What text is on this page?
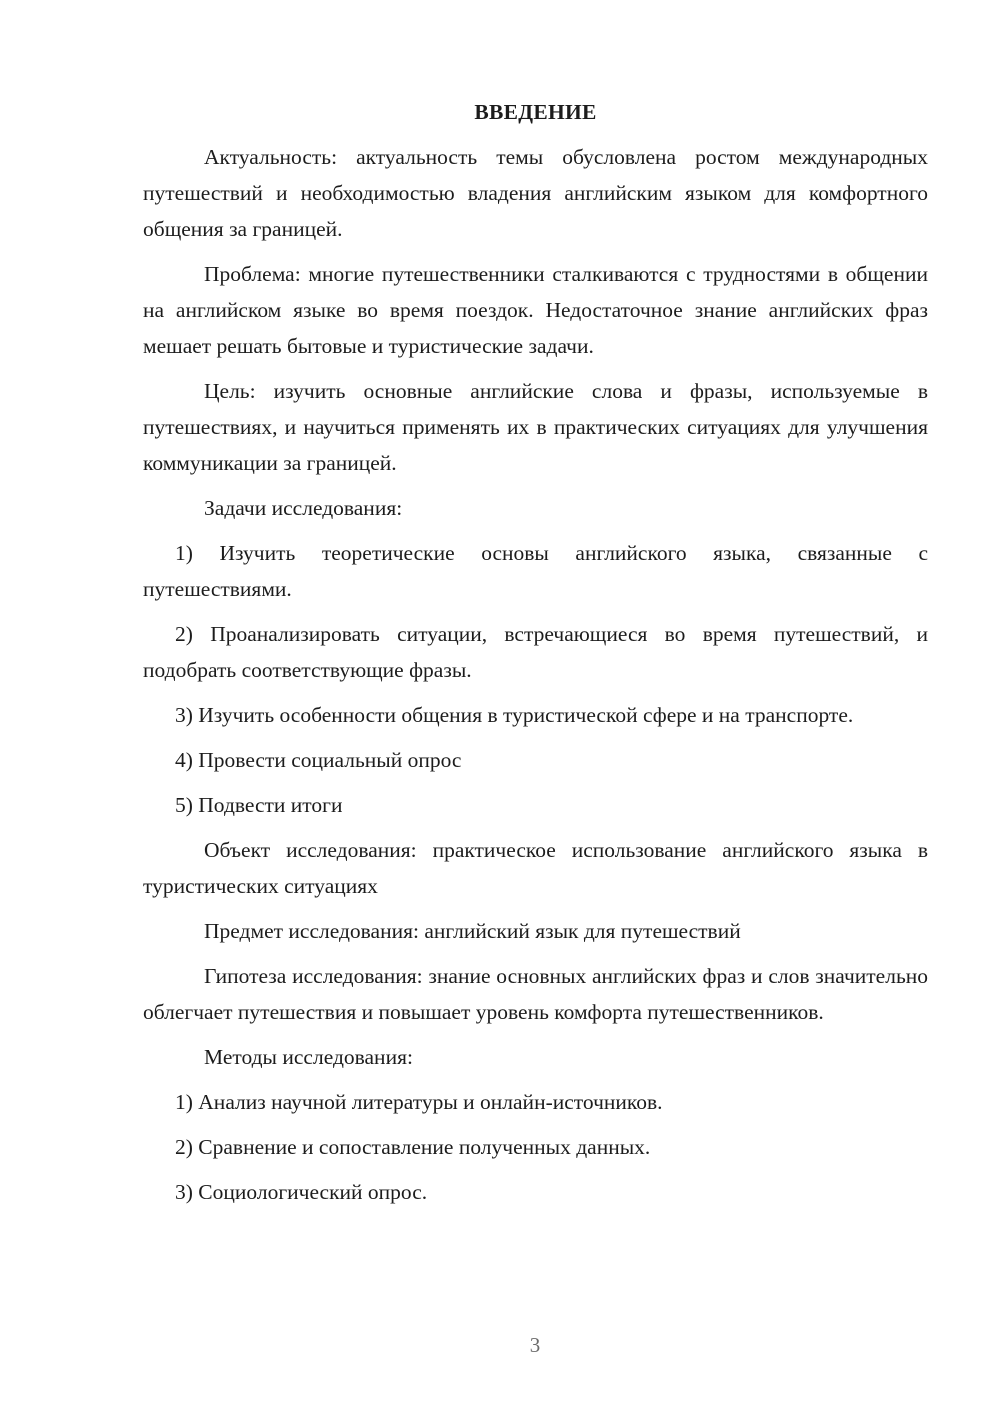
ВВЕДЕНИЕ

Актуальность: актуальность темы обусловлена ростом международных путешествий и необходимостью владения английским языком для комфортного общения за границей.

Проблема: многие путешественники сталкиваются с трудностями в общении на английском языке во время поездок. Недостаточное знание английских фраз мешает решать бытовые и туристические задачи.

Цель: изучить основные английские слова и фразы, используемые в путешествиях, и научиться применять их в практических ситуациях для улучшения коммуникации за границей.

Задачи исследования:

1) Изучить теоретические основы английского языка, связанные с путешествиями.

2) Проанализировать ситуации, встречающиеся во время путешествий, и подобрать соответствующие фразы.

3) Изучить особенности общения в туристической сфере и на транспорте.

4) Провести социальный опрос

5) Подвести итоги

Объект исследования: практическое использование английского языка в туристических ситуациях

Предмет исследования: английский язык для путешествий

Гипотеза исследования: знание основных английских фраз и слов значительно облегчает путешествия и повышает уровень комфорта путешественников.

Методы исследования:

1) Анализ научной литературы и онлайн-источников.

2) Сравнение и сопоставление полученных данных.

3) Социологический опрос.

3
